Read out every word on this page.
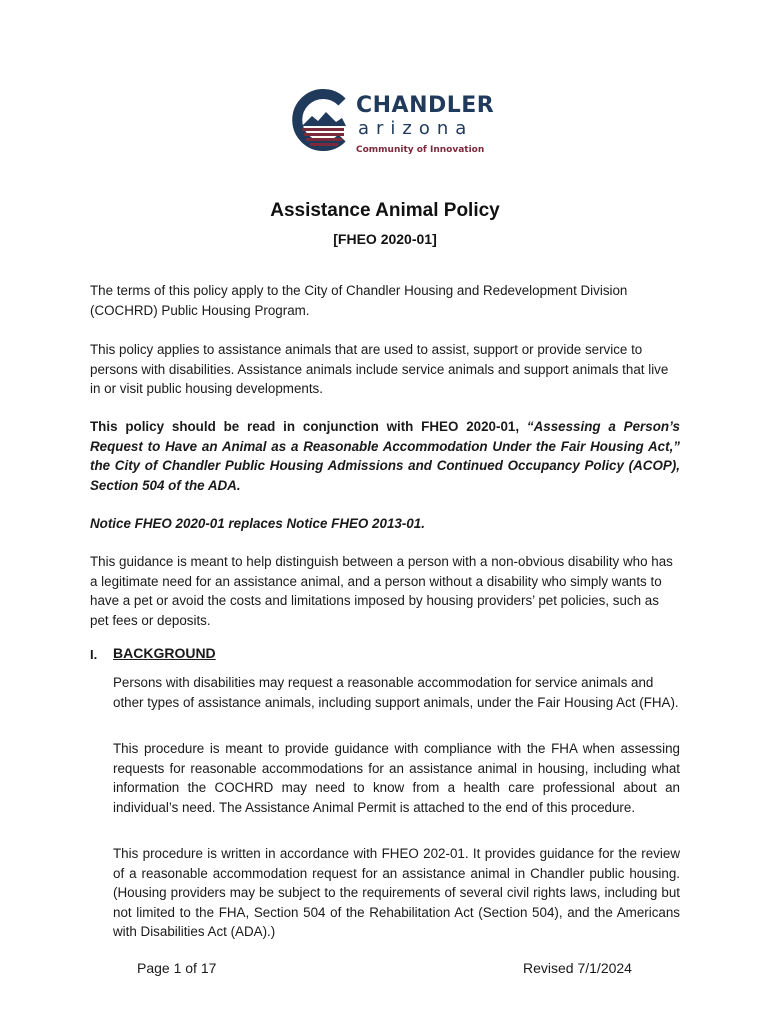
CHANDLER
arizona
Community of Innovation
Assistance Animal Policy
[FHEO 2020-01]

The terms of this policy apply to the City of Chandler Housing and Redevelopment Division (COCHRD) Public Housing Program.

This policy applies to assistance animals that are used to assist, support or provide service to persons with disabilities. Assistance animals include service animals and support animals that live in or visit public housing developments.

This policy should be read in conjunction with FHEO 2020-01, “Assessing a Person’s Request to Have an Animal as a Reasonable Accommodation Under the Fair Housing Act,” the City of Chandler Public Housing Admissions and Continued Occupancy Policy (ACOP), Section 504 of the ADA.

Notice FHEO 2020-01 replaces Notice FHEO 2013-01.

This guidance is meant to help distinguish between a person with a non-obvious disability who has a legitimate need for an assistance animal, and a person without a disability who simply wants to have a pet or avoid the costs and limitations imposed by housing providers’ pet policies, such as pet fees or deposits.

I. BACKGROUND

Persons with disabilities may request a reasonable accommodation for service animals and other types of assistance animals, including support animals, under the Fair Housing Act (FHA).

This procedure is meant to provide guidance with compliance with the FHA when assessing requests for reasonable accommodations for an assistance animal in housing, including what information the COCHRD may need to know from a health care professional about an individual’s need. The Assistance Animal Permit is attached to the end of this procedure.

This procedure is written in accordance with FHEO 202-01. It provides guidance for the review of a reasonable accommodation request for an assistance animal in Chandler public housing. (Housing providers may be subject to the requirements of several civil rights laws, including but not limited to the FHA, Section 504 of the Rehabilitation Act (Section 504), and the Americans with Disabilities Act (ADA).)

Page 1 of 17	Revised 7/1/2024
